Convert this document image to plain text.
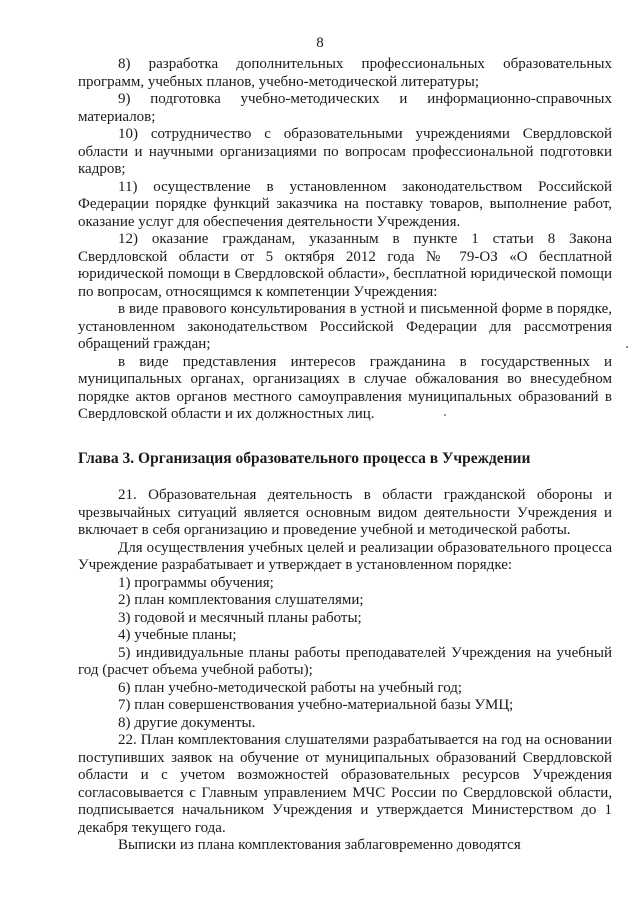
8

8) разработка дополнительных профессиональных образовательных программ, учебных планов, учебно-методической литературы;

9) подготовка учебно-методических и информационно-справочных материалов;

10) сотрудничество с образовательными учреждениями Свердловской области и научными организациями по вопросам профессиональной подготовки кадров;

11) осуществление в установленном законодательством Российской Федерации порядке функций заказчика на поставку товаров, выполнение работ, оказание услуг для обеспечения деятельности Учреждения.

12) оказание гражданам, указанным в пункте 1 статьи 8 Закона Свердловской области от 5 октября 2012 года № 79-ОЗ «О бесплатной юридической помощи в Свердловской области», бесплатной юридической помощи по вопросам, относящимся к компетенции Учреждения:

в виде правового консультирования в устной и письменной форме в порядке, установленном законодательством Российской Федерации для рассмотрения обращений граждан;

в виде представления интересов гражданина в государственных и муниципальных органах, организациях в случае обжалования во внесудебном порядке актов органов местного самоуправления муниципальных образований в Свердловской области и их должностных лиц.

Глава 3. Организация образовательного процесса в Учреждении

21. Образовательная деятельность в области гражданской обороны и чрезвычайных ситуаций является основным видом деятельности Учреждения и включает в себя организацию и проведение учебной и методической работы.

Для осуществления учебных целей и реализации образовательного процесса Учреждение разрабатывает и утверждает в установленном порядке:

1) программы обучения;

2) план комплектования слушателями;

3) годовой и месячный планы работы;

4) учебные планы;

5) индивидуальные планы работы преподавателей Учреждения на учебный год (расчет объема учебной работы);

6) план учебно-методической работы на учебный год;

7) план совершенствования учебно-материальной базы УМЦ;

8) другие документы.

22. План комплектования слушателями разрабатывается на год на основании поступивших заявок на обучение от муниципальных образований Свердловской области и с учетом возможностей образовательных ресурсов Учреждения согласовывается с Главным управлением МЧС России по Свердловской области, подписывается начальником Учреждения и утверждается Министерством до 1 декабря текущего года.

Выписки из плана комплектования заблаговременно доводятся
